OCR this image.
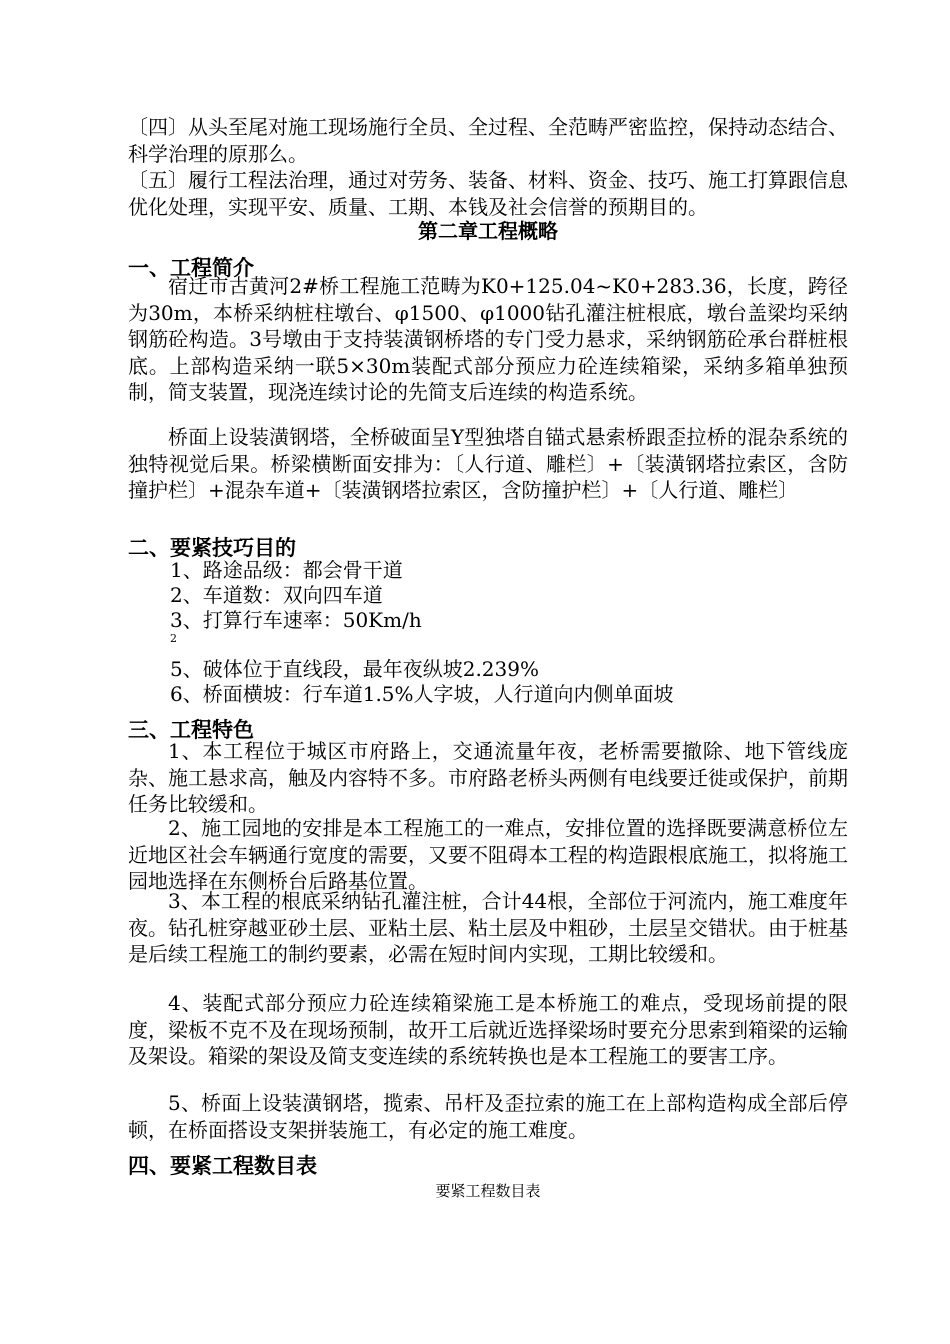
〔四〕从头至尾对施工现场施行全员、全过程、全范畴严密监控，保持动态结合、科学治理的原那么。

〔五〕履行工程法治理，通过对劳务、装备、材料、资金、技巧、施工打算跟信息优化处理，实现平安、质量、工期、本钱及社会信誉的预期目的。

第二章工程概略
一、工程简介

宿迁市古黄河2#桥工程施工范畴为K0+125.04~K0+283.36，长度，跨径为30m，本桥采纳桩柱墩台、φ1500、φ1000钻孔灌注桩根底，墩台盖梁均采纳钢筋砼构造。3号墩由于支持装潢钢桥塔的专门受力悬求，采纳钢筋砼承台群桩根底。上部构造采纳一联5×30m装配式部分预应力砼连续箱梁，采纳多箱单独预制，简支装置，现浇连续讨论的先简支后连续的构造系统。

桥面上设装潢钢塔，全桥破面呈Y型独塔自锚式悬索桥跟歪拉桥的混杂系统的独特视觉后果。桥梁横断面安排为：〔人行道、雕栏〕+〔装潢钢塔拉索区，含防撞护栏〕+混杂车道+〔装潢钢塔拉索区，含防撞护栏〕+〔人行道、雕栏〕

二、要紧技巧目的

1、路途品级：都会骨干道

2、车道数：双向四车道

3、打算行车速率：50Km/h

2

5、破体位于直线段，最年夜纵坡2.239%

6、桥面横坡：行车道1.5%人字坡，人行道向内侧单面坡

三、工程特色

1、本工程位于城区市府路上，交通流量年夜，老桥需要撤除、地下管线庞杂、施工悬求高，触及内容特不多。市府路老桥头两侧有电线要迁徙或保护，前期任务比较缓和。

2、施工园地的安排是本工程施工的一难点，安排位置的选择既要满意桥位左近地区社会车辆通行宽度的需要，又要不阻碍本工程的构造跟根底施工，拟将施工园地选择在东侧桥台后路基位置。

3、本工程的根底采纳钻孔灌注桩，合计44根，全部位于河流内，施工难度年夜。钻孔桩穿越亚砂土层、亚粘土层、粘土层及中粗砂，土层呈交错状。由于桩基是后续工程施工的制约要素，必需在短时间内实现，工期比较缓和。

4、装配式部分预应力砼连续箱梁施工是本桥施工的难点，受现场前提的限度，梁板不克不及在现场预制，故开工后就近选择梁场时要充分思索到箱梁的运输及架设。箱梁的架设及简支变连续的系统转换也是本工程施工的要害工序。

5、桥面上设装潢钢塔，揽索、吊杆及歪拉索的施工在上部构造构成全部后停顿，在桥面搭设支架拼装施工，有必定的施工难度。

四、要紧工程数目表

要紧工程数目表
